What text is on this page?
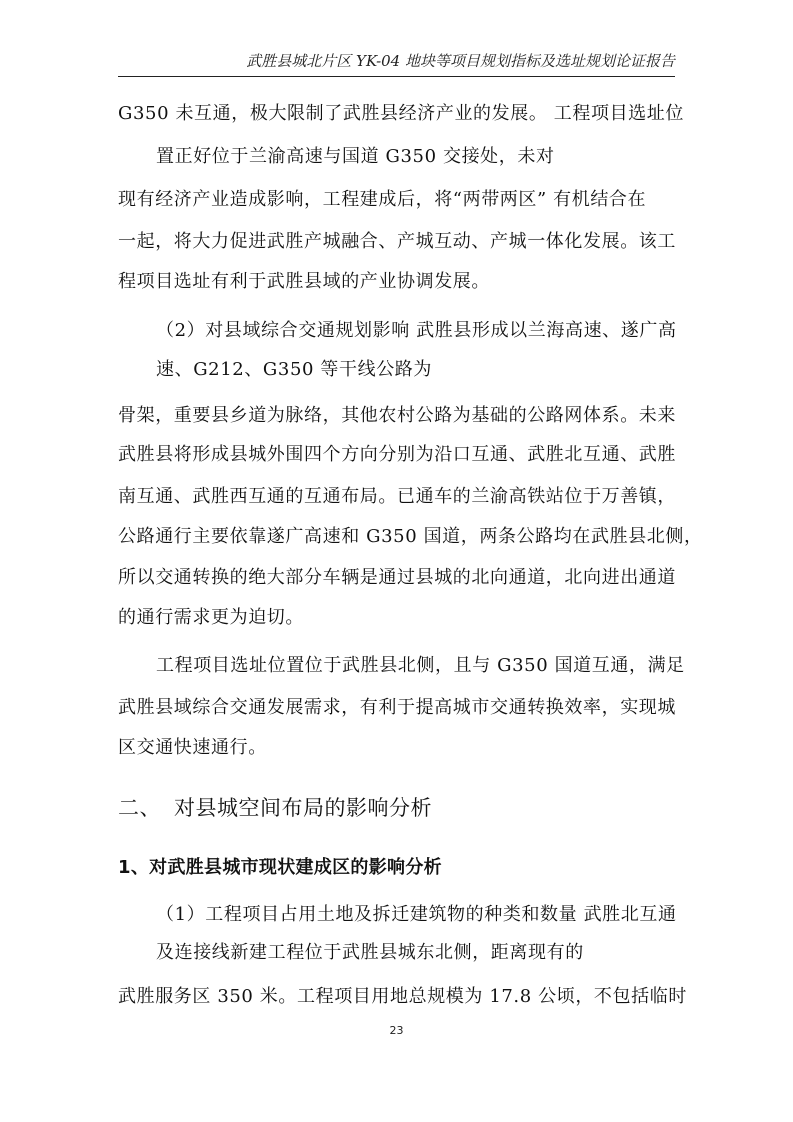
武胜县城北片区 YK-04 地块等项目规划指标及选址规划论证报告
G350 未互通，极大限制了武胜县经济产业的发展。 工程项目选址位
置正好位于兰渝高速与国道 G350 交接处，未对
现有经济产业造成影响，工程建成后，将“两带两区” 有机结合在
一起，将大力促进武胜产城融合、产城互动、产城一体化发展。该工
程项目选址有利于武胜县域的产业协调发展。
（2）对县域综合交通规划影响 武胜县形成以兰海高速、遂广高
速、G212、G350 等干线公路为
骨架，重要县乡道为脉络，其他农村公路为基础的公路网体系。未来
武胜县将形成县城外围四个方向分别为沿口互通、武胜北互通、武胜
南互通、武胜西互通的互通布局。已通车的兰渝高铁站位于万善镇，
公路通行主要依靠遂广高速和 G350 国道，两条公路均在武胜县北侧，
所以交通转换的绝大部分车辆是通过县城的北向通道，北向进出通道
的通行需求更为迫切。
工程项目选址位置位于武胜县北侧，且与 G350 国道互通，满足
武胜县域综合交通发展需求，有利于提高城市交通转换效率，实现城
区交通快速通行。
二、 对县城空间布局的影响分析
1、对武胜县城市现状建成区的影响分析
（1）工程项目占用土地及拆迁建筑物的种类和数量 武胜北互通
及连接线新建工程位于武胜县城东北侧，距离现有的
武胜服务区 350 米。工程项目用地总规模为 17.8 公顷，不包括临时
23
